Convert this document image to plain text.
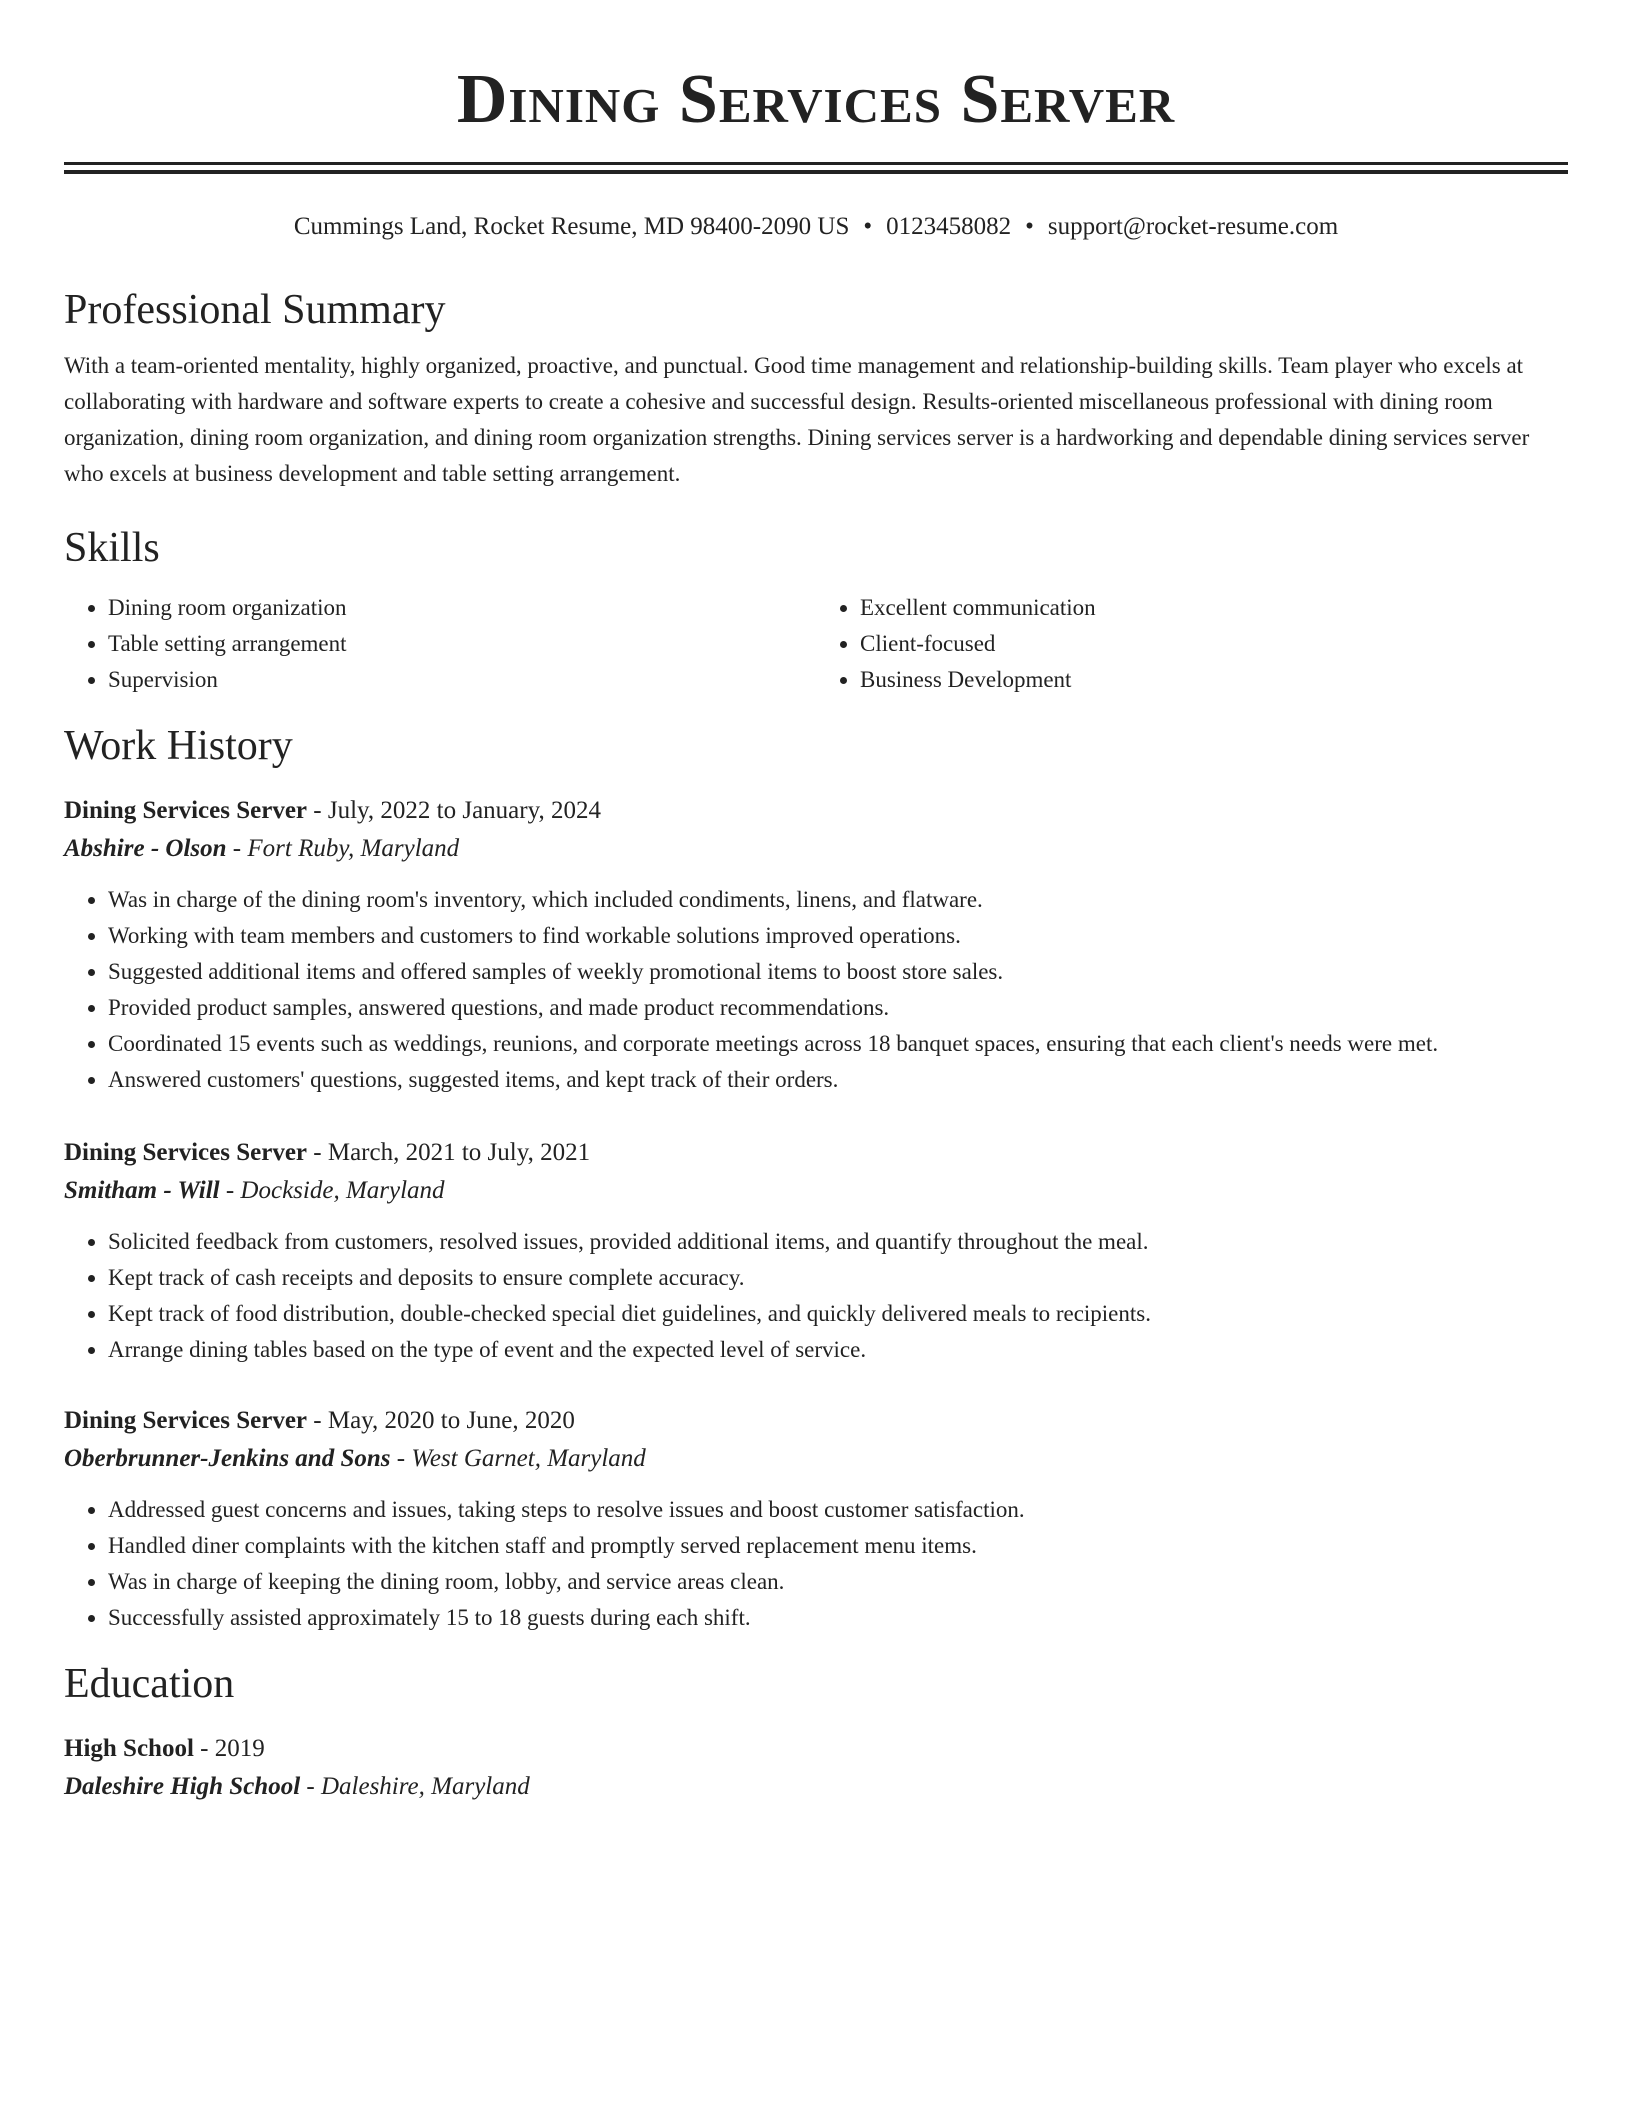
Dining Services Server
Cummings Land, Rocket Resume, MD 98400-2090 US • 0123458082 • support@rocket-resume.com
Professional Summary

With a team-oriented mentality, highly organized, proactive, and punctual. Good time management and relationship-building skills. Team player who excels at collaborating with hardware and software experts to create a cohesive and successful design. Results-oriented miscellaneous professional with dining room organization, dining room organization, and dining room organization strengths. Dining services server is a hardworking and dependable dining services server who excels at business development and table setting arrangement.

Skills
• Dining room organization
• Table setting arrangement
• Supervision
• Excellent communication
• Client-focused
• Business Development
Work History
Dining Services Server - July, 2022 to January, 2024
Abshire - Olson - Fort Ruby, Maryland
• Was in charge of the dining room's inventory, which included condiments, linens, and flatware.
• Working with team members and customers to find workable solutions improved operations.
• Suggested additional items and offered samples of weekly promotional items to boost store sales.
• Provided product samples, answered questions, and made product recommendations.
• Coordinated 15 events such as weddings, reunions, and corporate meetings across 18 banquet spaces, ensuring that each client's needs were met.
• Answered customers' questions, suggested items, and kept track of their orders.
Dining Services Server - March, 2021 to July, 2021
Smitham - Will - Dockside, Maryland
• Solicited feedback from customers, resolved issues, provided additional items, and quantify throughout the meal.
• Kept track of cash receipts and deposits to ensure complete accuracy.
• Kept track of food distribution, double-checked special diet guidelines, and quickly delivered meals to recipients.
• Arrange dining tables based on the type of event and the expected level of service.
Dining Services Server - May, 2020 to June, 2020
Oberbrunner-Jenkins and Sons - West Garnet, Maryland
• Addressed guest concerns and issues, taking steps to resolve issues and boost customer satisfaction.
• Handled diner complaints with the kitchen staff and promptly served replacement menu items.
• Was in charge of keeping the dining room, lobby, and service areas clean.
• Successfully assisted approximately 15 to 18 guests during each shift.
Education
High School - 2019
Daleshire High School - Daleshire, Maryland
